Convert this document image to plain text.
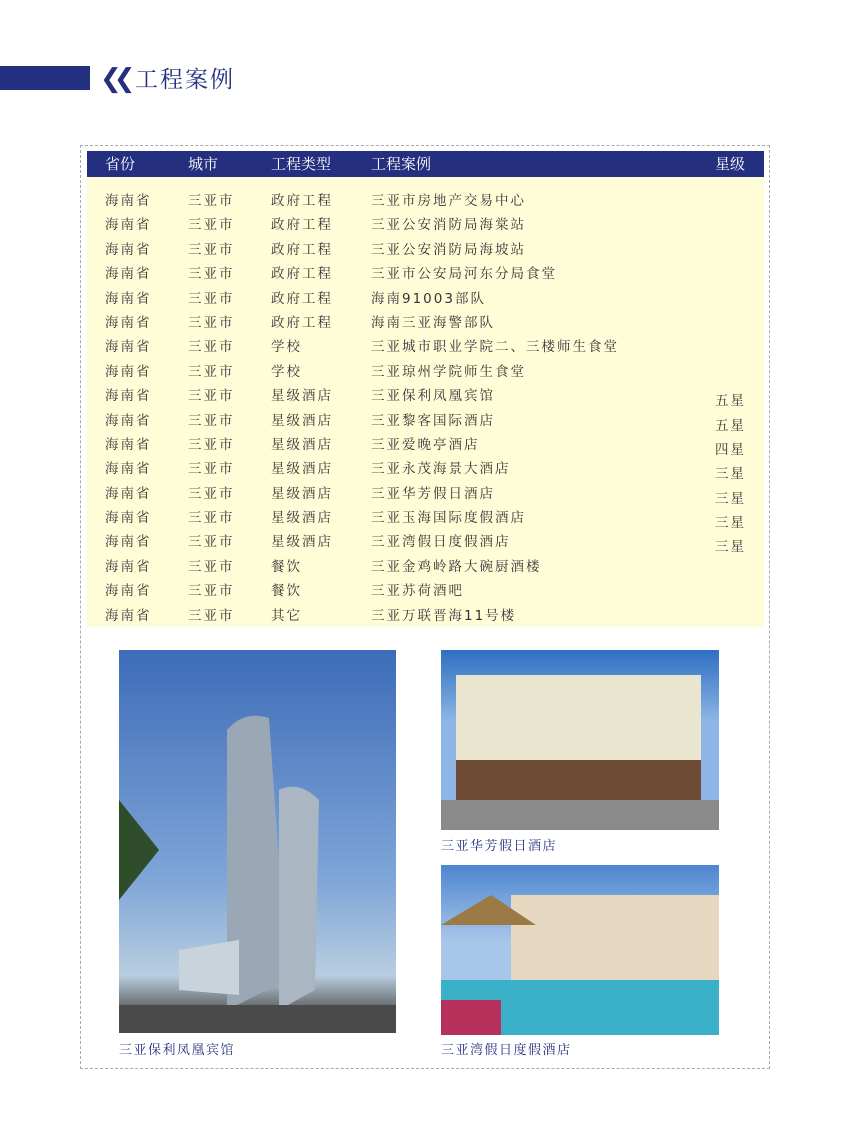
❮❮ 工程案例
省份	城市	工程类型	工程案例	星级
海南省	三亚市	政府工程	三亚市房地产交易中心
海南省	三亚市	政府工程	三亚公安消防局海棠站
海南省	三亚市	政府工程	三亚公安消防局海坡站
海南省	三亚市	政府工程	三亚市公安局河东分局食堂
海南省	三亚市	政府工程	海南91003部队
海南省	三亚市	政府工程	海南三亚海警部队
海南省	三亚市	学校	三亚城市职业学院二、三楼师生食堂
海南省	三亚市	学校	三亚琼州学院师生食堂
海南省	三亚市	星级酒店	三亚保利凤凰宾馆	五星
海南省	三亚市	星级酒店	三亚黎客国际酒店	五星
海南省	三亚市	星级酒店	三亚爱晚亭酒店	四星
海南省	三亚市	星级酒店	三亚永茂海景大酒店	三星
海南省	三亚市	星级酒店	三亚华芳假日酒店	三星
海南省	三亚市	星级酒店	三亚玉海国际度假酒店	三星
海南省	三亚市	星级酒店	三亚湾假日度假酒店	三星
海南省	三亚市	餐饮	三亚金鸡岭路大碗厨酒楼
海南省	三亚市	餐饮	三亚苏荷酒吧
海南省	三亚市	其它	三亚万联晋海11号楼
三亚保利凤凰宾馆
三亚华芳假日酒店
三亚湾假日度假酒店
